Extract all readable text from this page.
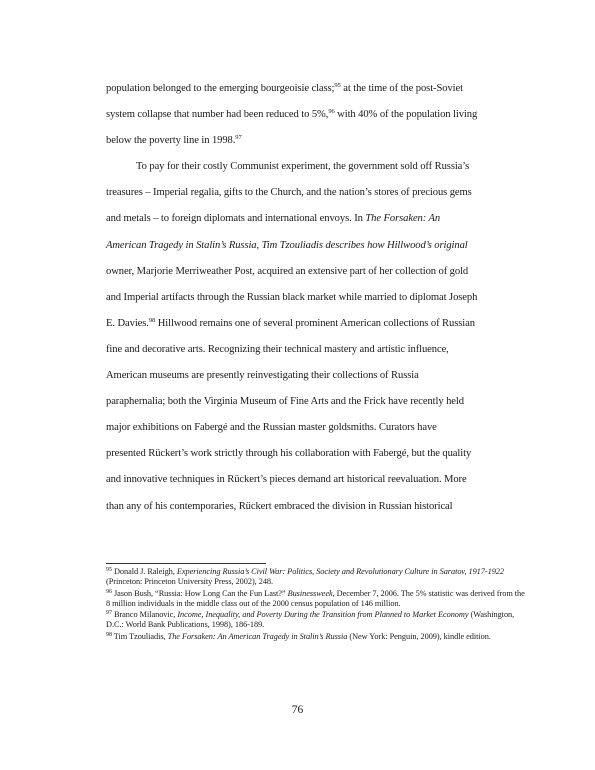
population belonged to the emerging bourgeoisie class;$^{95}$ at the time of the post-Soviet
system collapse that number had been reduced to 5%,$^{96}$ with 40% of the population living
below the poverty line in 1998.97
To pay for their costly Communist experiment, the government sold off Russia’s
treasures – Imperial regalia, gifts to the Church, and the nation’s stores of precious gems
and metals – to foreign diplomats and international envoys. In The Forsaken: An
American Tragedy in Stalin’s Russia, Tim Tzouliadis describes how Hillwood’s original
owner, Marjorie Merriweather Post, acquired an extensive part of her collection of gold
and Imperial artifacts through the Russian black market while married to diplomat Joseph
E. Davies.$^{98}$ Hillwood remains one of several prominent American collections of Russian
fine and decorative arts. Recognizing their technical mastery and artistic influence,
American museums are presently reinvestigating their collections of Russia
paraphernalia; both the Virginia Museum of Fine Arts and the Frick have recently held
major exhibitions on Fabergé and the Russian master goldsmiths. Curators have
presented Rückert’s work strictly through his collaboration with Fabergé, but the quality
and innovative techniques in Rückert’s pieces demand art historical reevaluation. More
than any of his contemporaries, Rückert embraced the division in Russian historical
$^{95}$ Donald J. Raleigh, Experiencing Russia’s Civil War: Politics, Society and Revolutionary Culture in Saratov, 1917-1922 (Princeton: Princeton University Press, 2002), 248.
$^{96}$ Jason Bush, “Russia: How Long Can the Fun Last?” Businessweek, December 7, 2006. The 5% statistic was derived from the 8 million individuals in the middle class out of the 2000 census population of 146 million.
$^{97}$ Branco Milanovic, Income, Inequality, and Poverty During the Transition from Planned to Market Economy (Washington, D.C.: World Bank Publications, 1998), 186-189.
$^{98}$ Tim Tzouliadis, The Forsaken: An American Tragedy in Stalin’s Russia (New York: Penguin, 2009), kindle edition.
76
